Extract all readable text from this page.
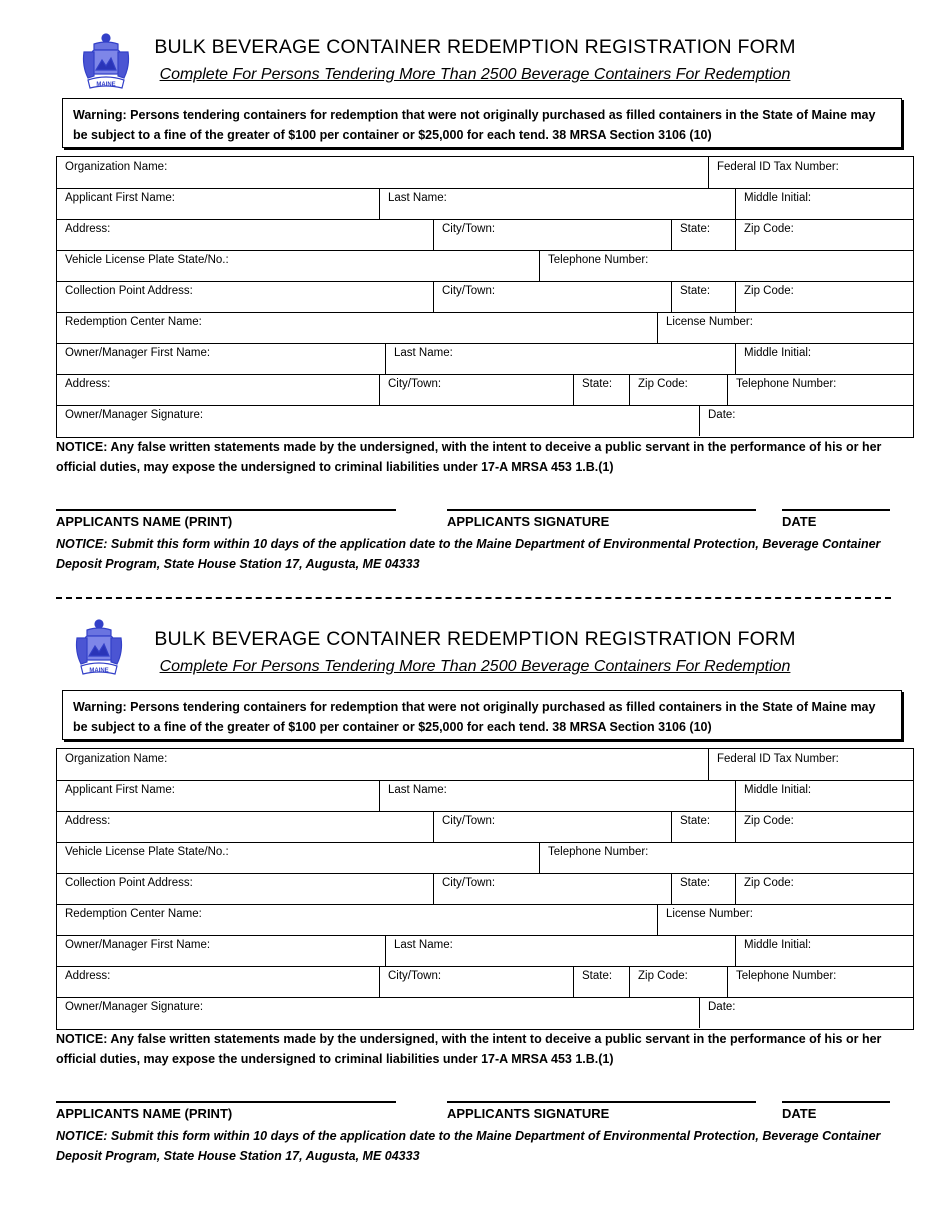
MAINE
BULK BEVERAGE CONTAINER REDEMPTION REGISTRATION FORM
Complete For Persons Tendering More Than 2500 Beverage Containers For Redemption
Warning: Persons tendering containers for redemption that were not originally purchased as filled containers in the State of Maine may be subject to a fine of the greater of $100 per container or $25,000 for each tend. 38 MRSA Section 3106 (10)
Organization Name:	Federal ID Tax Number:
Applicant First Name:	Last Name:	Middle Initial:
Address:	City/Town:	State:	Zip Code:
Vehicle License Plate State/No.:	Telephone Number:
Collection Point Address:	City/Town:	State:	Zip Code:
Redemption Center Name:	License Number:
Owner/Manager First Name:	Last Name:	Middle Initial:
Address:	City/Town:	State:	Zip Code:	Telephone Number:
Owner/Manager Signature:	Date:
NOTICE: Any false written statements made by the undersigned, with the intent to deceive a public servant in the performance of his or her official duties, may expose the undersigned to criminal liabilities under 17-A MRSA 453 1.B.(1)
APPLICANTS NAME (PRINT)	APPLICANTS SIGNATURE	DATE
NOTICE: Submit this form within 10 days of the application date to the Maine Department of Environmental Protection, Beverage Container Deposit Program, State House Station 17, Augusta, ME 04333
MAINE
BULK BEVERAGE CONTAINER REDEMPTION REGISTRATION FORM
Complete For Persons Tendering More Than 2500 Beverage Containers For Redemption
Warning: Persons tendering containers for redemption that were not originally purchased as filled containers in the State of Maine may be subject to a fine of the greater of $100 per container or $25,000 for each tend. 38 MRSA Section 3106 (10)
Organization Name:	Federal ID Tax Number:
Applicant First Name:	Last Name:	Middle Initial:
Address:	City/Town:	State:	Zip Code:
Vehicle License Plate State/No.:	Telephone Number:
Collection Point Address:	City/Town:	State:	Zip Code:
Redemption Center Name:	License Number:
Owner/Manager First Name:	Last Name:	Middle Initial:
Address:	City/Town:	State:	Zip Code:	Telephone Number:
Owner/Manager Signature:	Date:
NOTICE: Any false written statements made by the undersigned, with the intent to deceive a public servant in the performance of his or her official duties, may expose the undersigned to criminal liabilities under 17-A MRSA 453 1.B.(1)
APPLICANTS NAME (PRINT)	APPLICANTS SIGNATURE	DATE
NOTICE: Submit this form within 10 days of the application date to the Maine Department of Environmental Protection, Beverage Container Deposit Program, State House Station 17, Augusta, ME 04333
